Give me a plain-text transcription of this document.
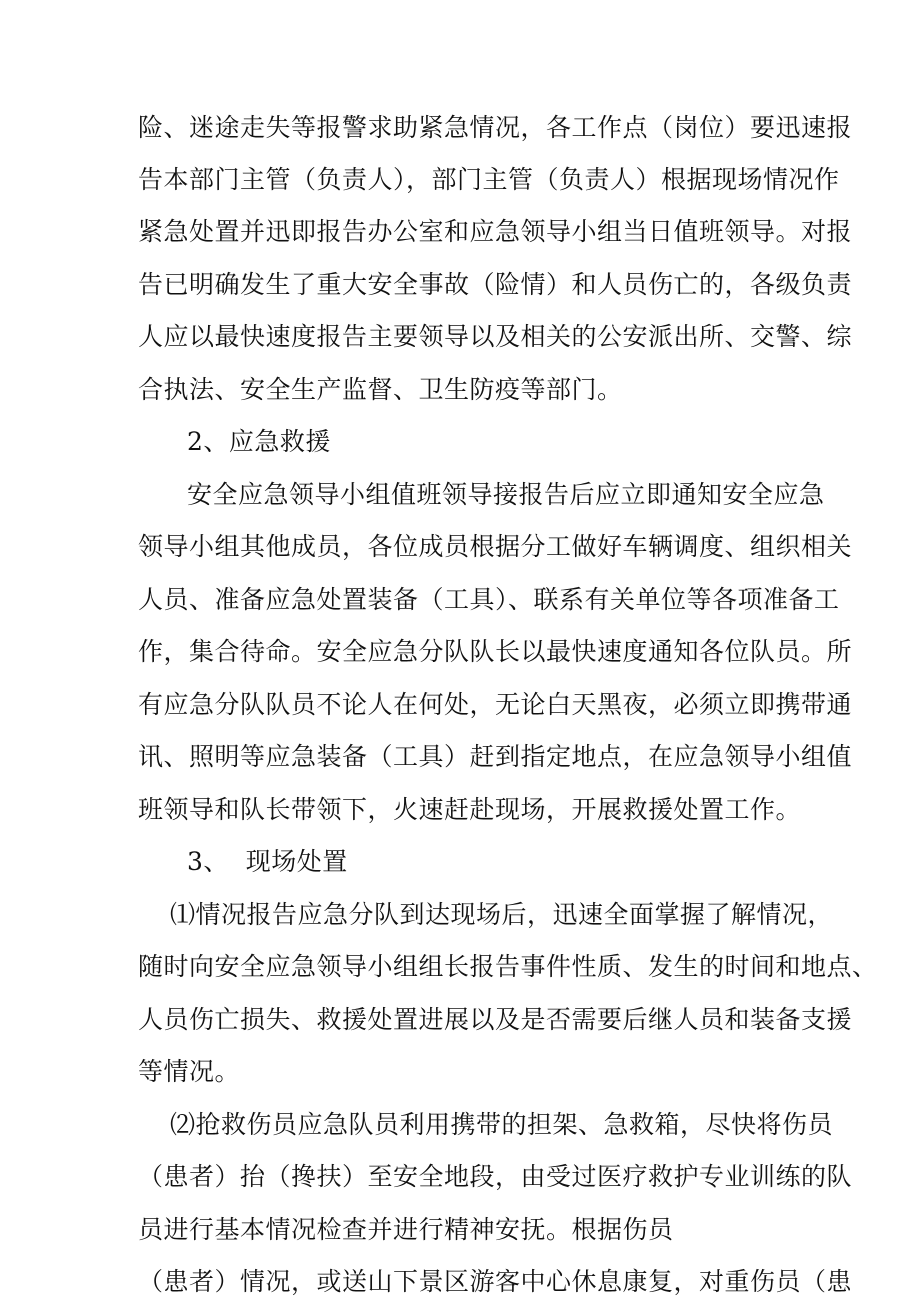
险、迷途走失等报警求助紧急情况，各工作点（岗位）要迅速报
告本部门主管（负责人），部门主管（负责人）根据现场情况作
紧急处置并迅即报告办公室和应急领导小组当日值班领导。对报
告已明确发生了重大安全事故（险情）和人员伤亡的，各级负责
人应以最快速度报告主要领导以及相关的公安派出所、交警、综
合执法、安全生产监督、卫生防疫等部门。
2、应急救援
安全应急领导小组值班领导接报告后应立即通知安全应急
领导小组其他成员，各位成员根据分工做好车辆调度、组织相关
人员、准备应急处置装备（工具）、联系有关单位等各项准备工
作，集合待命。安全应急分队队长以最快速度通知各位队员。所
有应急分队队员不论人在何处，无论白天黑夜，必须立即携带通
讯、照明等应急装备（工具）赶到指定地点，在应急领导小组值
班领导和队长带领下，火速赶赴现场，开展救援处置工作。
3、  现场处置
⑴情况报告应急分队到达现场后，迅速全面掌握了解情况，
随时向安全应急领导小组组长报告事件性质、发生的时间和地点、
人员伤亡损失、救援处置进展以及是否需要后继人员和装备支援
等情况。
⑵抢救伤员应急队员利用携带的担架、急救箱，尽快将伤员
（患者）抬（搀扶）至安全地段，由受过医疗救护专业训练的队
员进行基本情况检查并进行精神安抚。根据伤员
（患者）情况，或送山下景区游客中心休息康复，对重伤员（患
